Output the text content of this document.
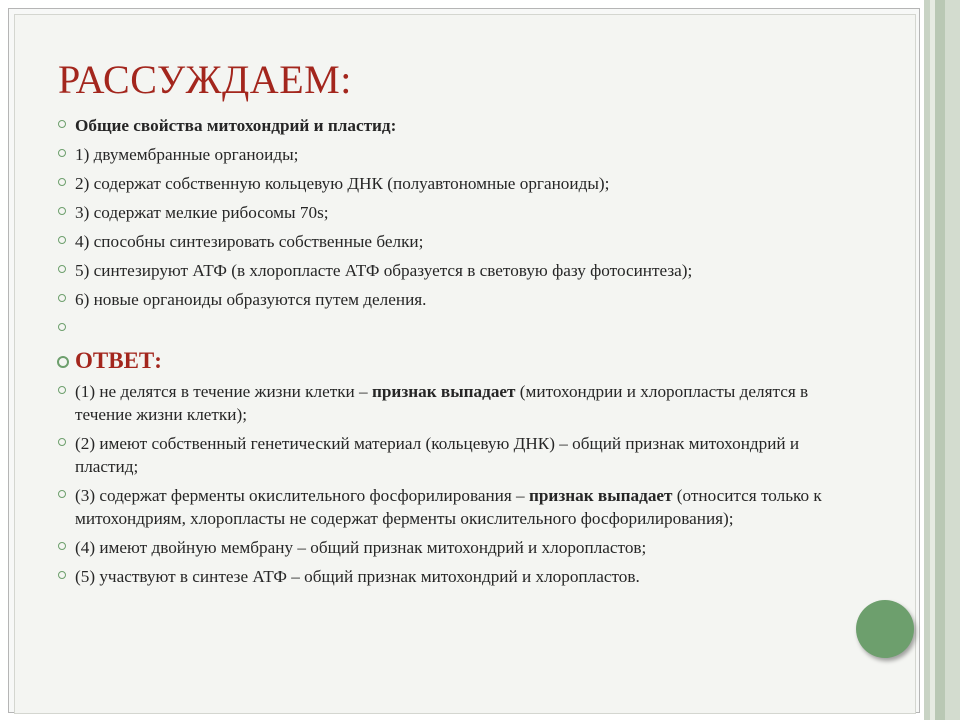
РАССУЖДАЕМ:
Общие свойства митохондрий и пластид:
1) двумембранные органоиды;
2) содержат собственную кольцевую ДНК (полуавтономные органоиды);
3) содержат мелкие рибосомы 70s;
4) способны синтезировать собственные белки;
5) синтезируют АТФ (в хлоропласте АТФ образуется в световую фазу фотосинтеза);
6) новые органоиды образуются путем деления.
ОТВЕТ:
(1) не делятся в течение жизни клетки – признак выпадает (митохондрии и хлоропласты делятся в течение жизни клетки);
(2) имеют собственный генетический материал (кольцевую ДНК) – общий признак митохондрий и пластид;
(3) содержат ферменты окислительного фосфорилирования – признак выпадает (относится только к митохондриям, хлоропласты не содержат ферменты окислительного фосфорилирования);
(4) имеют двойную мембрану – общий признак митохондрий и хлоропластов;
(5) участвуют в синтезе АТФ – общий признак митохондрий и хлоропластов.
